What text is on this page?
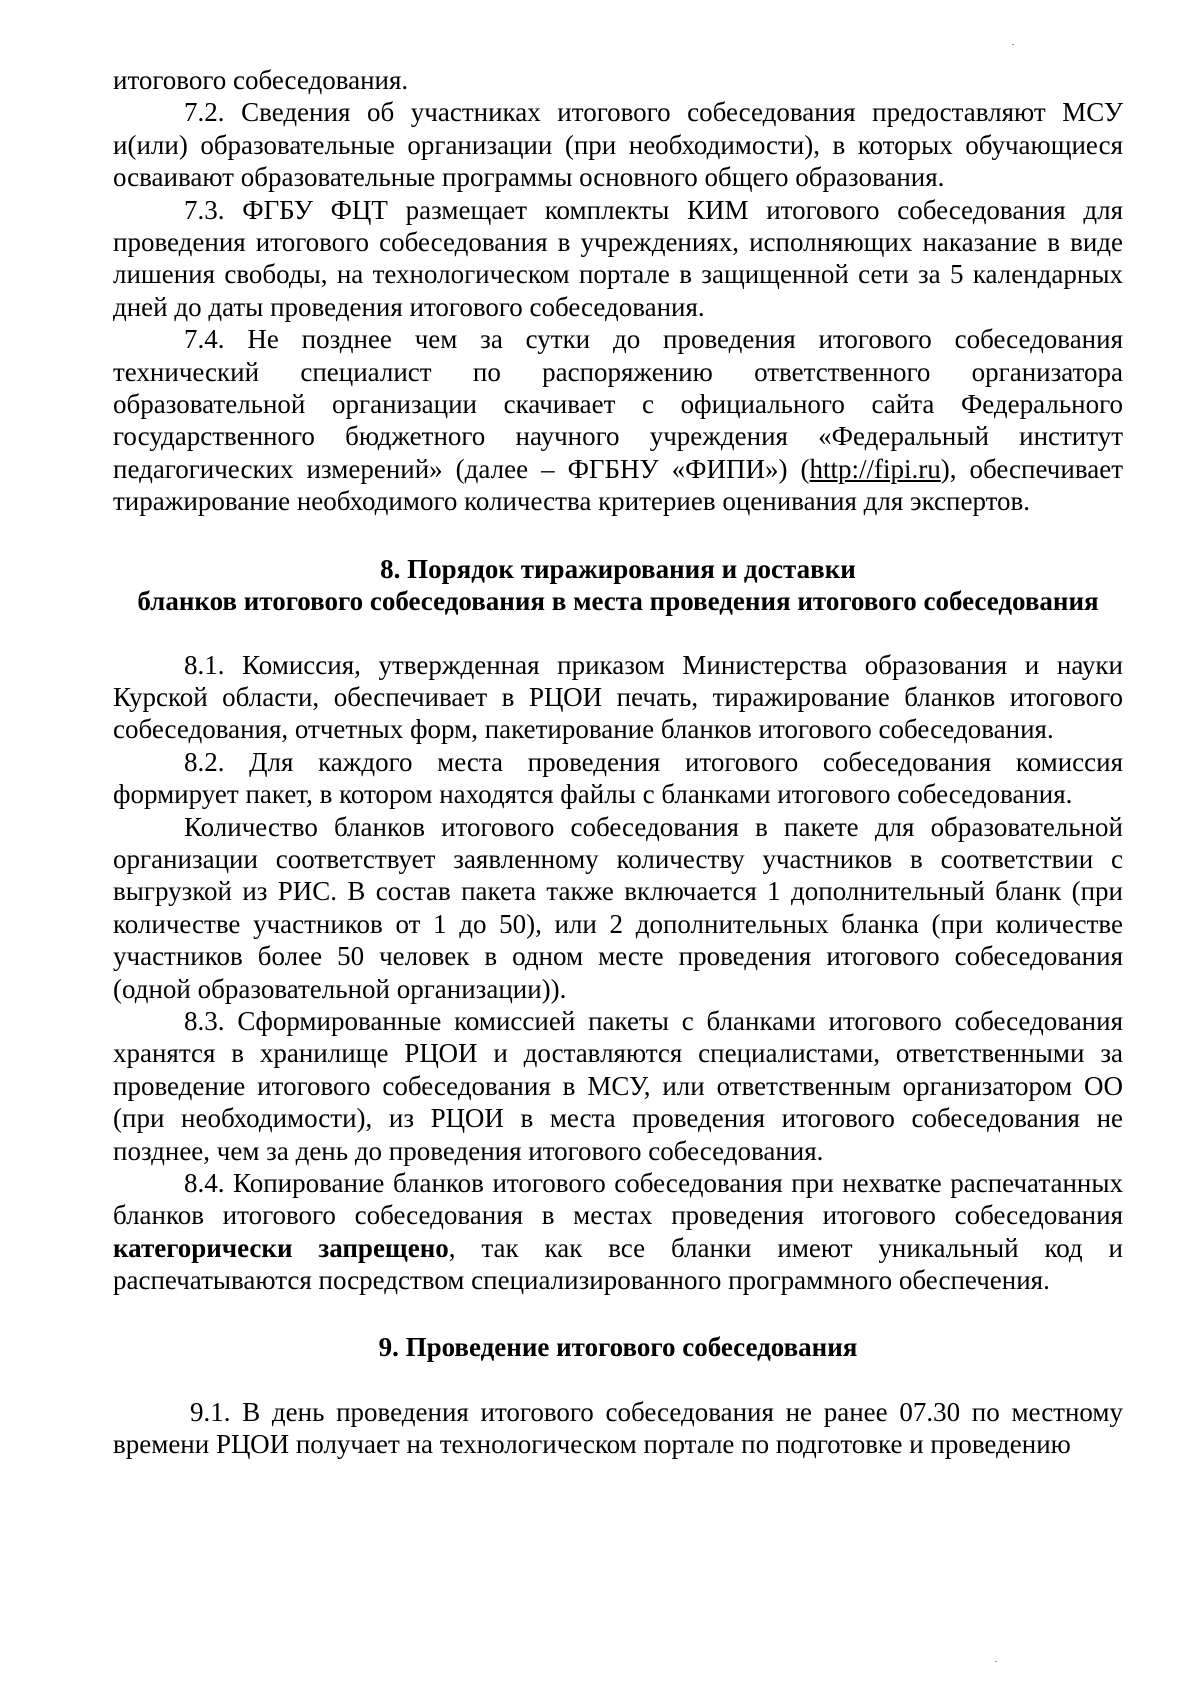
итогового собеседования.

7.2. Сведения об участниках итогового собеседования предоставляют МСУ и(или) образовательные организации (при необходимости), в которых обучающиеся осваивают образовательные программы основного общего образования.

7.3. ФГБУ ФЦТ размещает комплекты КИМ итогового собеседования для проведения итогового собеседования в учреждениях, исполняющих наказание в виде лишения свободы, на технологическом портале в защищенной сети за 5 календарных дней до даты проведения итогового собеседования.

7.4. Не позднее чем за сутки до проведения итогового собеседования технический специалист по распоряжению ответственного организатора образовательной организации скачивает с официального сайта Федерального государственного бюджетного научного учреждения «Федеральный институт педагогических измерений» (далее – ФГБНУ «ФИПИ») (http://fipi.ru), обеспечивает тиражирование необходимого количества критериев оценивания для экспертов.

8. Порядок тиражирования и доставки

бланков итогового собеседования в места проведения итогового собеседования

8.1. Комиссия, утвержденная приказом Министерства образования и науки Курской области, обеспечивает в РЦОИ печать, тиражирование бланков итогового собеседования, отчетных форм, пакетирование бланков итогового собеседования.

8.2. Для каждого места проведения итогового собеседования комиссия формирует пакет, в котором находятся файлы с бланками итогового собеседования.

Количество бланков итогового собеседования в пакете для образовательной организации соответствует заявленному количеству участников в соответствии с выгрузкой из РИС. В состав пакета также включается 1 дополнительный бланк (при количестве участников от 1 до 50), или 2 дополнительных бланка (при количестве участников более 50 человек в одном месте проведения итогового собеседования (одной образовательной организации)).

8.3. Сформированные комиссией пакеты с бланками итогового собеседования хранятся в хранилище РЦОИ и доставляются специалистами, ответственными за проведение итогового собеседования в МСУ, или ответственным организатором ОО (при необходимости), из РЦОИ в места проведения итогового собеседования не позднее, чем за день до проведения итогового собеседования.

8.4. Копирование бланков итогового собеседования при нехватке распечатанных бланков итогового собеседования в местах проведения итогового собеседования категорически запрещено, так как все бланки имеют уникальный код и распечатываются посредством специализированного программного обеспечения.

9. Проведение итогового собеседования

9.1. В день проведения итогового собеседования не ранее 07.30 по местному времени РЦОИ получает на технологическом портале по подготовке и проведению
